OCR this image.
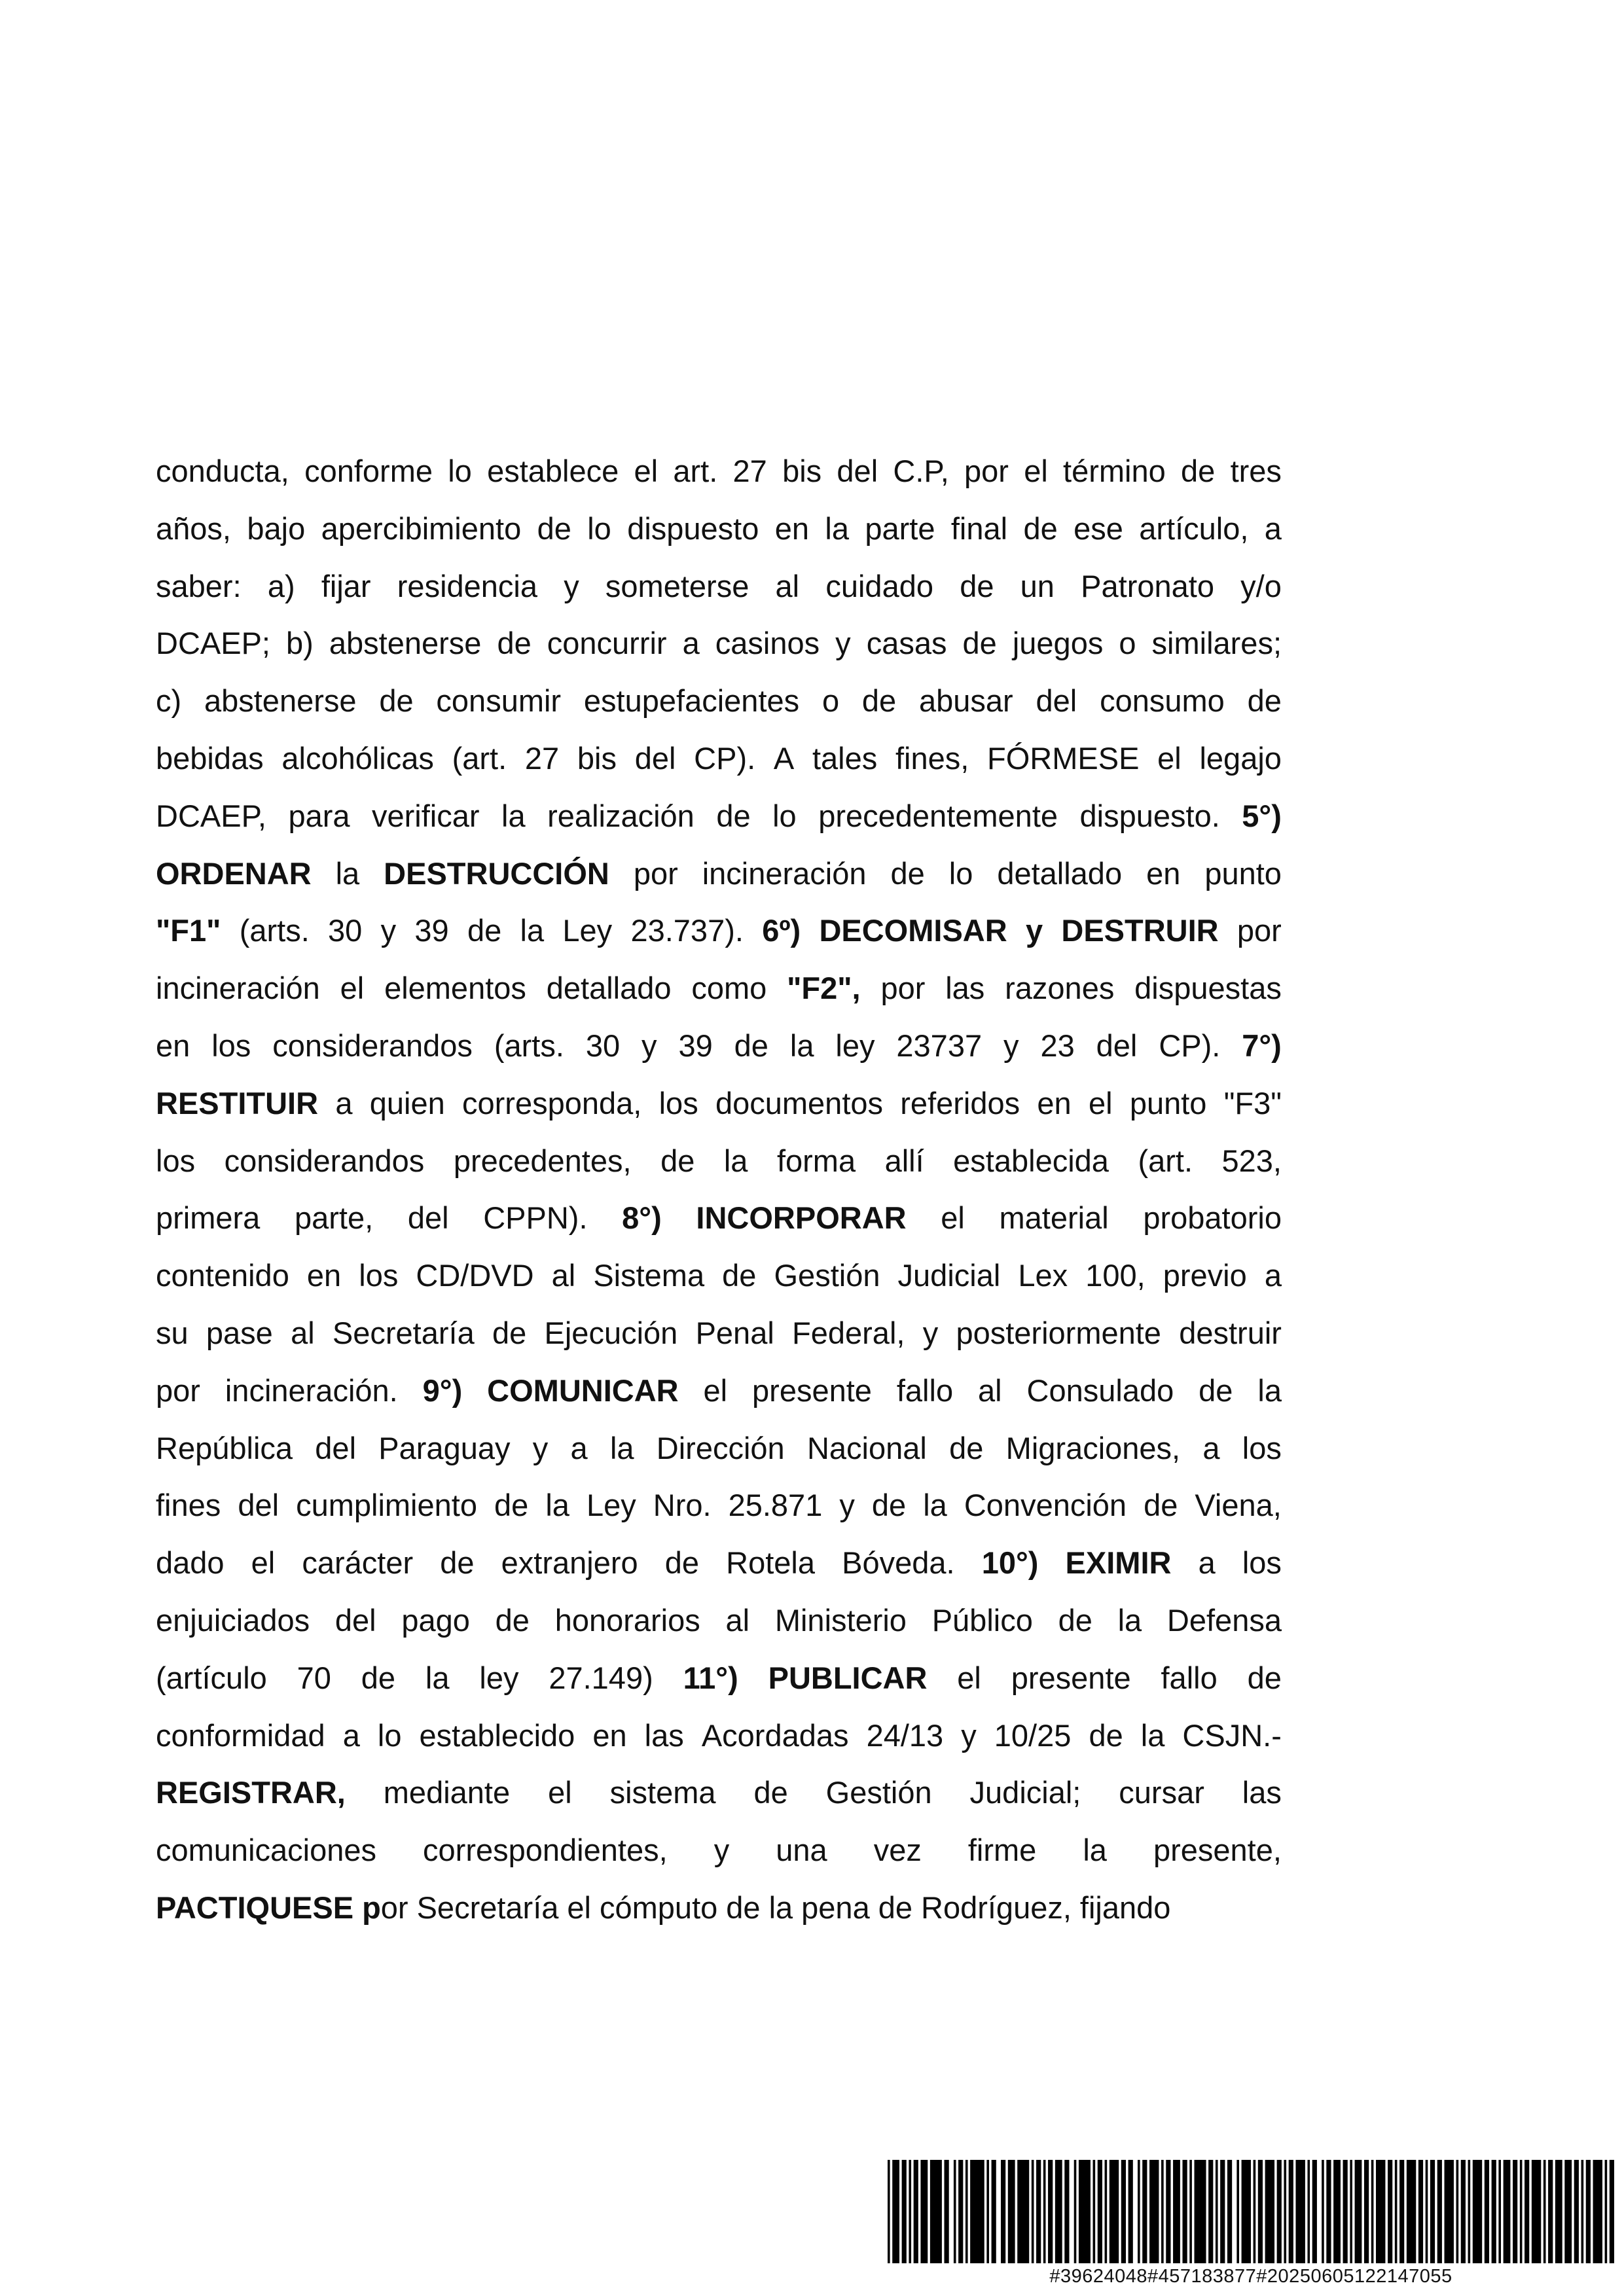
conducta, conforme lo establece el art. 27 bis del C.P, por el término de tres
años, bajo apercibimiento de lo dispuesto en la parte final de ese artículo, a
saber: a) fijar residencia y someterse al cuidado de un Patronato y/o
DCAEP; b) abstenerse de concurrir a casinos y casas de juegos o similares;
c) abstenerse de consumir estupefacientes o de abusar del consumo de
bebidas alcohólicas (art. 27 bis del CP). A tales fines, FÓRMESE el legajo
DCAEP, para verificar la realización de lo precedentemente dispuesto. 5°)
ORDENAR la DESTRUCCIÓN por incineración de lo detallado en punto
"F1" (arts. 30 y 39 de la Ley 23.737). 6º) DECOMISAR y DESTRUIR por
incineración el elementos detallado como "F2", por las razones dispuestas
en los considerandos (arts. 30 y 39 de la ley 23737 y 23 del CP). 7°)
RESTITUIR a quien corresponda, los documentos referidos en el punto "F3"
los considerandos precedentes, de la forma allí establecida (art. 523,
primera parte, del CPPN). 8°) INCORPORAR el material probatorio
contenido en los CD/DVD al Sistema de Gestión Judicial Lex 100, previo a
su pase al Secretaría de Ejecución Penal Federal, y posteriormente destruir
por incineración. 9°) COMUNICAR el presente fallo al Consulado de la
República del Paraguay y a la Dirección Nacional de Migraciones, a los
fines del cumplimiento de la Ley Nro. 25.871 y de la Convención de Viena,
dado el carácter de extranjero de Rotela Bóveda. 10°) EXIMIR a los
enjuiciados del pago de honorarios al Ministerio Público de la Defensa
(artículo 70 de la ley 27.149) 11°) PUBLICAR el presente fallo de
conformidad a lo establecido en las Acordadas 24/13 y 10/25 de la CSJN.-
REGISTRAR, mediante el sistema de Gestión Judicial; cursar las
comunicaciones correspondientes, y una vez firme la presente,
PACTIQUESE por Secretaría el cómputo de la pena de Rodríguez, fijando
#39624048#457183877#20250605122147055
